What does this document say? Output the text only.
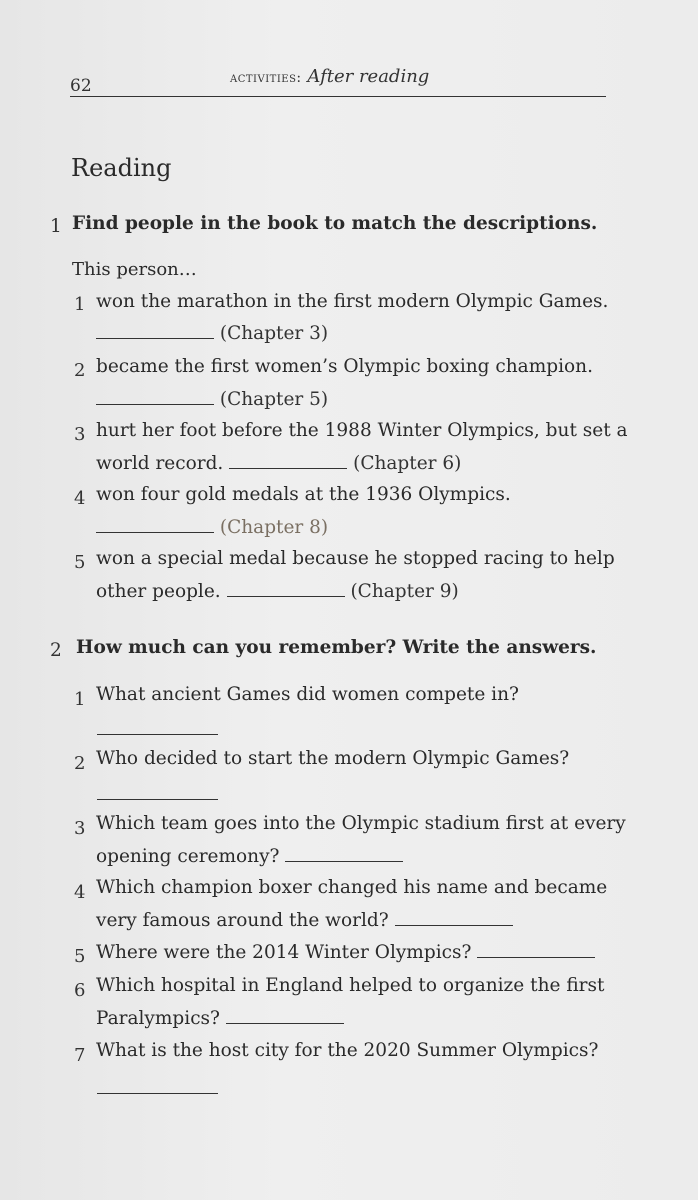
62	activities: After reading
Reading
1 Find people in the book to match the descriptions.
This person…
1 won the marathon in the first modern Olympic Games.
(Chapter 3)
2 became the first women’s Olympic boxing champion.
(Chapter 5)
3 hurt her foot before the 1988 Winter Olympics, but set a
world record.	(Chapter 6)
4 won four gold medals at the 1936 Olympics.
(Chapter 8)
5 won a special medal because he stopped racing to help
other people.	(Chapter 9)
2 How much can you remember? Write the answers.
1 What ancient Games did women compete in?
2 Who decided to start the modern Olympic Games?
3 Which team goes into the Olympic stadium first at every
opening ceremony?
4 Which champion boxer changed his name and became
very famous around the world?
5 Where were the 2014 Winter Olympics?
6 Which hospital in England helped to organize the first
Paralympics?
7 What is the host city for the 2020 Summer Olympics?
